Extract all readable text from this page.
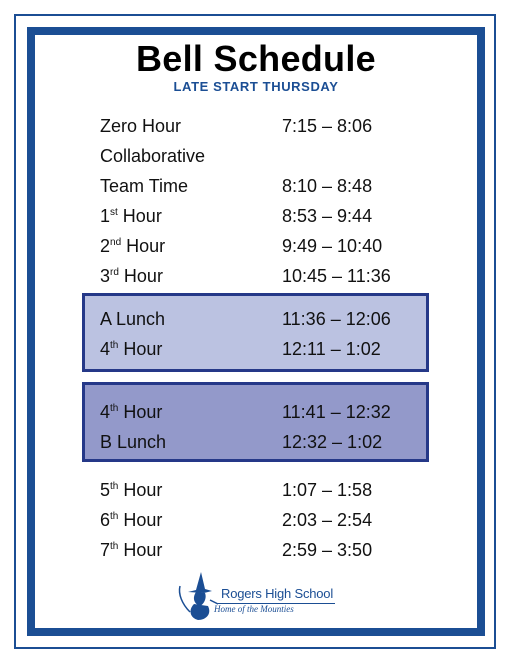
Bell Schedule
LATE START THURSDAY
Zero Hour	7:15 – 8:06
Collaborative
Team Time	8:10 – 8:48
1st Hour	8:53 – 9:44
2nd Hour	9:49 – 10:40
3rd Hour	10:45 – 11:36
A Lunch	11:36 – 12:06
4th Hour	12:11 – 1:02
4th Hour	11:41 – 12:32
B Lunch	12:32 – 1:02
5th Hour	1:07 – 1:58
6th Hour	2:03 – 2:54
7th Hour	2:59 – 3:50
Rogers High School
Home of the Mounties
